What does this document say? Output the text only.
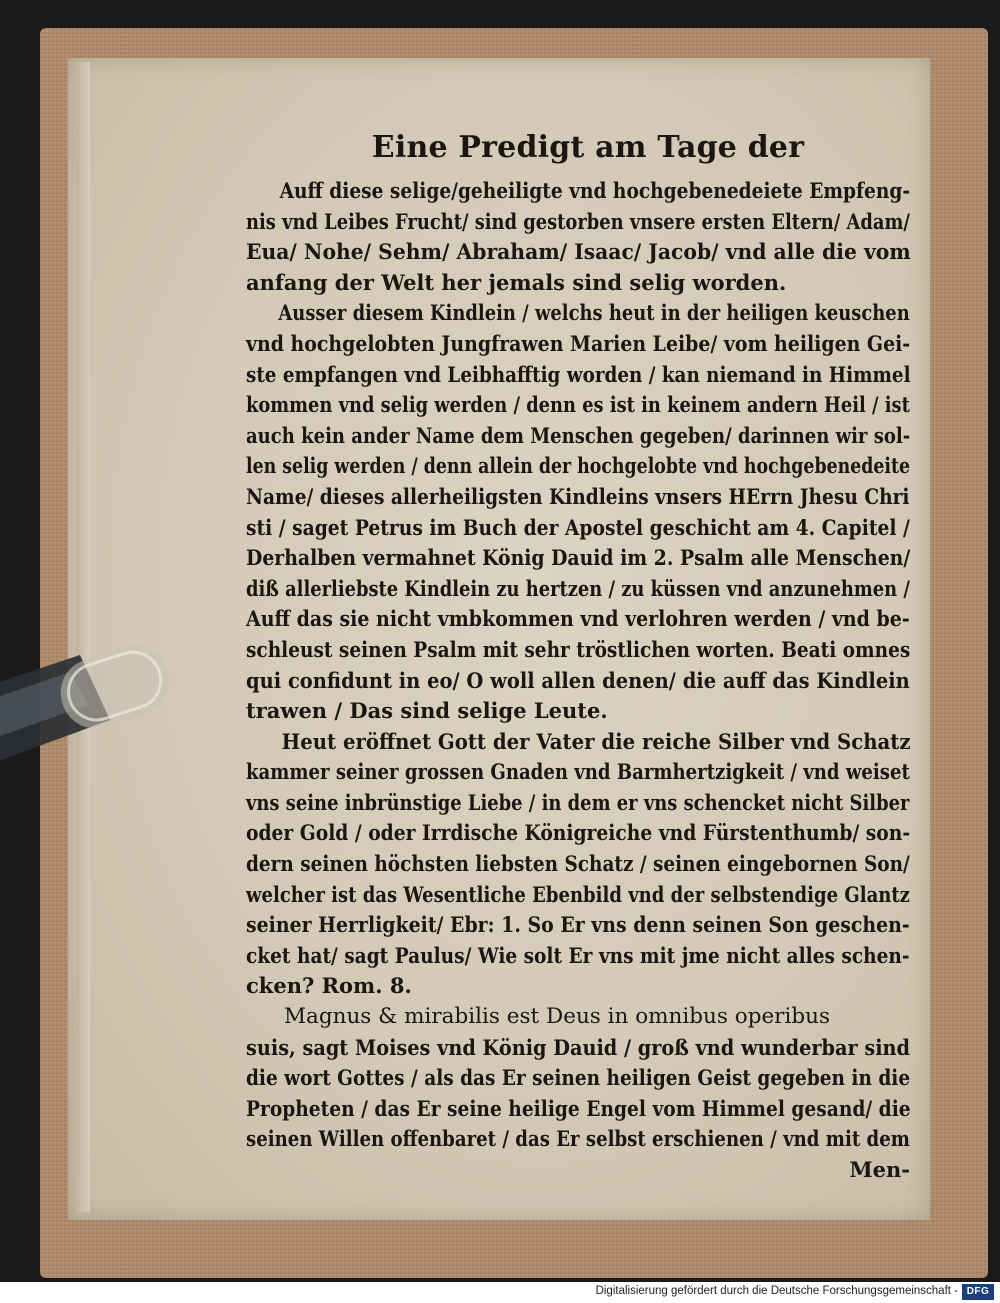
Eine Predigt am Tage der
Auff diese selige/geheiligte vnd hochgebenedeiete Empfeng-
nis vnd Leibes Frucht/ sind gestorben vnsere ersten Eltern/ Adam/
Eua/ Nohe/ Sehm/ Abraham/ Isaac/ Jacob/ vnd alle die vom
anfang der Welt her jemals sind selig worden.
Ausser diesem Kindlein / welchs heut in der heiligen keuschen
vnd hochgelobten Jungfrawen Marien Leibe/ vom heiligen Gei-
ste empfangen vnd Leibhafftig worden / kan niemand in Himmel
kommen vnd selig werden / denn es ist in keinem andern Heil / ist
auch kein ander Name dem Menschen gegeben/ darinnen wir sol-
len selig werden / denn allein der hochgelobte vnd hochgebenedeite
Name/ dieses allerheiligsten Kindleins vnsers HErrn Jhesu Chri
sti / saget Petrus im Buch der Apostel geschicht am 4. Capitel /
Derhalben vermahnet König Dauid im 2. Psalm alle Menschen/
diß allerliebste Kindlein zu hertzen / zu küssen vnd anzunehmen /
Auff das sie nicht vmbkommen vnd verlohren werden / vnd be-
schleust seinen Psalm mit sehr tröstlichen worten. Beati omnes
qui confidunt in eo/ O woll allen denen/ die auff das Kindlein
trawen / Das sind selige Leute.
Heut eröffnet Gott der Vater die reiche Silber vnd Schatz
kammer seiner grossen Gnaden vnd Barmhertzigkeit / vnd weiset
vns seine inbrünstige Liebe / in dem er vns schencket nicht Silber
oder Gold / oder Irrdische Königreiche vnd Fürstenthumb/ son-
dern seinen höchsten liebsten Schatz / seinen eingebornen Son/
welcher ist das Wesentliche Ebenbild vnd der selbstendige Glantz
seiner Herrligkeit/ Ebr: 1. So Er vns denn seinen Son geschen-
cket hat/ sagt Paulus/ Wie solt Er vns mit jme nicht alles schen-
cken? Rom. 8.
Magnus & mirabilis est Deus in omnibus operibus
suis, sagt Moises vnd König Dauid / groß vnd wunderbar sind
die wort Gottes / als das Er seinen heiligen Geist gegeben in die
Propheten / das Er seine heilige Engel vom Himmel gesand/ die
seinen Willen offenbaret / das Er selbst erschienen / vnd mit dem
Men-
Digitalisierung gefördert durch die Deutsche Forschungsgemeinschaft - DFG
